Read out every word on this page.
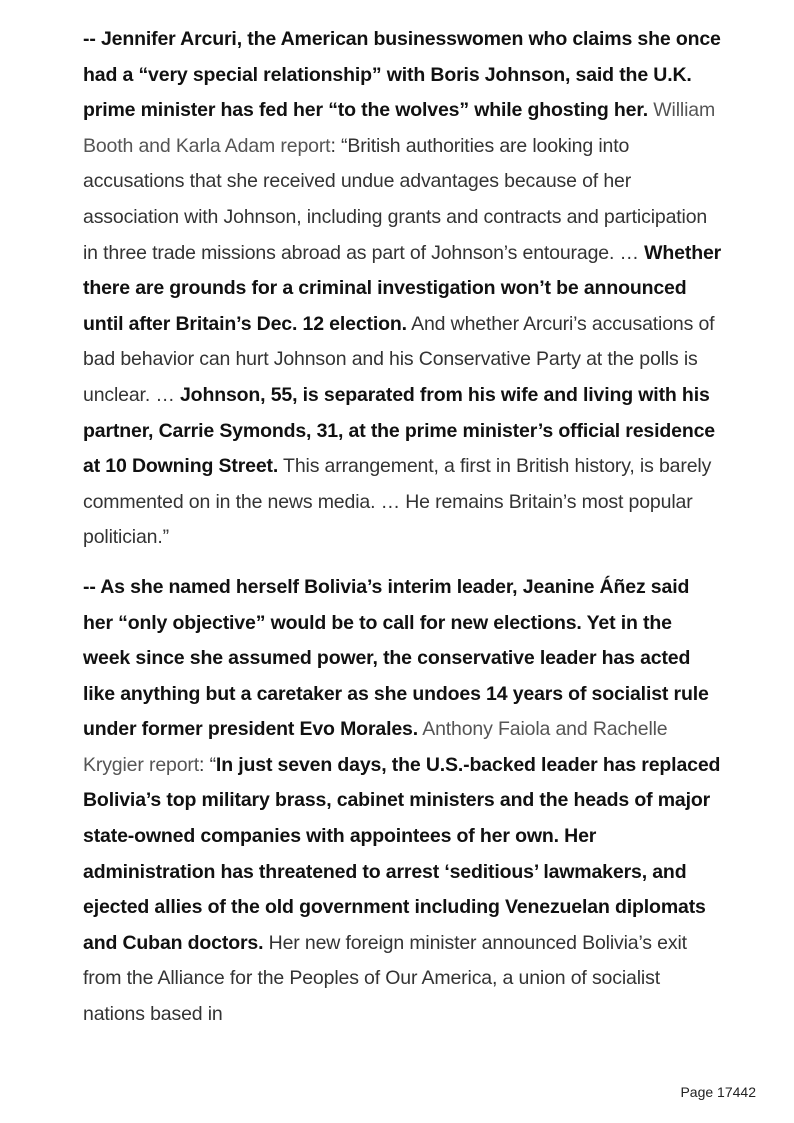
-- Jennifer Arcuri, the American businesswomen who claims she once had a “very special relationship” with Boris Johnson, said the U.K. prime minister has fed her “to the wolves” while ghosting her. William Booth and Karla Adam report: “British authorities are looking into accusations that she received undue advantages because of her association with Johnson, including grants and contracts and participation in three trade missions abroad as part of Johnson’s entourage. … Whether there are grounds for a criminal investigation won’t be announced until after Britain’s Dec. 12 election. And whether Arcuri’s accusations of bad behavior can hurt Johnson and his Conservative Party at the polls is unclear. … Johnson, 55, is separated from his wife and living with his partner, Carrie Symonds, 31, at the prime minister’s official residence at 10 Downing Street. This arrangement, a first in British history, is barely commented on in the news media. … He remains Britain’s most popular politician.”

-- As she named herself Bolivia’s interim leader, Jeanine Áñez said her “only objective” would be to call for new elections. Yet in the week since she assumed power, the conservative leader has acted like anything but a caretaker as she undoes 14 years of socialist rule under former president Evo Morales. Anthony Faiola and Rachelle Krygier report: “In just seven days, the U.S.-backed leader has replaced Bolivia’s top military brass, cabinet ministers and the heads of major state-owned companies with appointees of her own. Her administration has threatened to arrest ‘seditious’ lawmakers, and ejected allies of the old government including Venezuelan diplomats and Cuban doctors. Her new foreign minister announced Bolivia’s exit from the Alliance for the Peoples of Our America, a union of socialist nations based in

Page 17442
